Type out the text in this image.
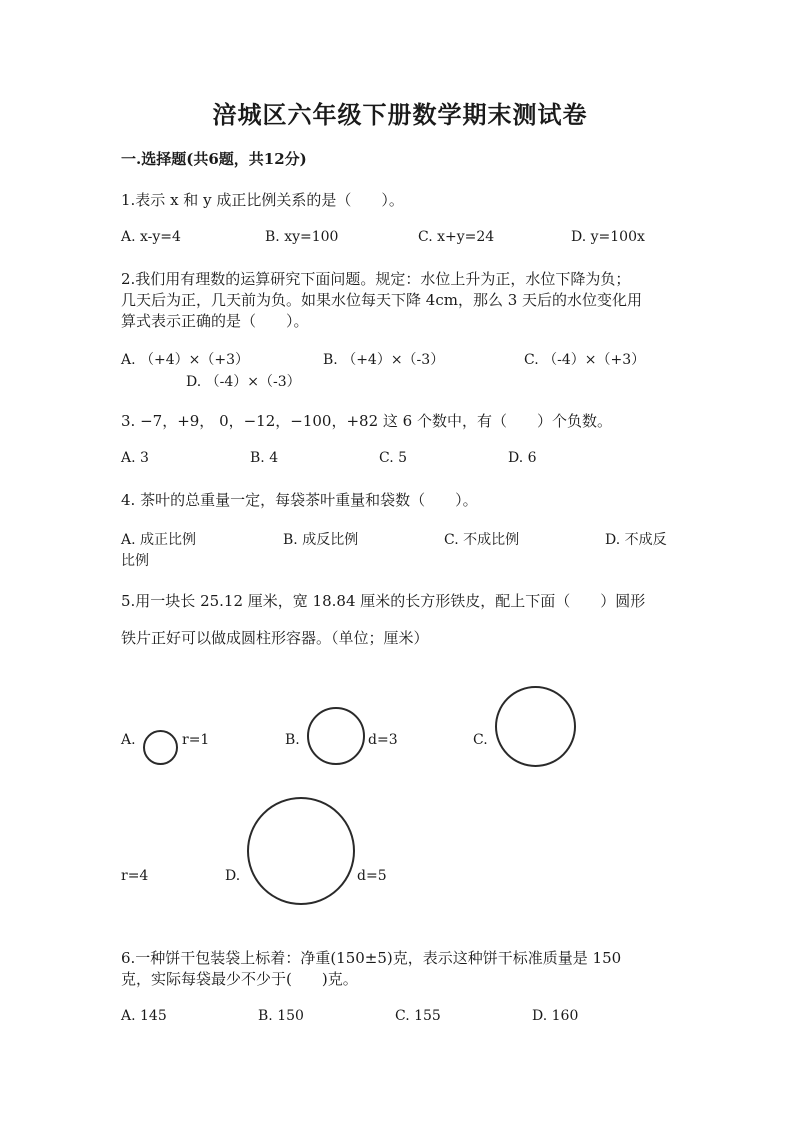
涪城区六年级下册数学期末测试卷
一.选择题(共6题，共12分)
1.表示 x 和 y 成正比例关系的是（　　）。
A. x-y=4	B. xy=100	C. x+y=24	D. y=100x
2.我们用有理数的运算研究下面问题。规定：水位上升为正，水位下降为负；
几天后为正，几天前为负。如果水位每天下降 4cm，那么 3 天后的水位变化用
算式表示正确的是（　　）。
A. （+4）×（+3）	B. （+4）×（-3）	C. （-4）×（+3）
D. （-4）×（-3）
3. −7，+9， 0，−12，−100，+82 这 6 个数中，有（　　）个负数。
A. 3	B. 4	C. 5	D. 6
4. 茶叶的总重量一定，每袋茶叶重量和袋数（　　）。
A. 成正比例	B. 成反比例	C. 不成比例	D. 不成反
比例
5.用一块长 25.12 厘米，宽 18.84 厘米的长方形铁皮，配上下面（　　）圆形
铁片正好可以做成圆柱形容器。（单位；厘米）
A.	r=1	B.	d=3	C.
r=4	D.	d=5
6.一种饼干包装袋上标着：净重(150±5)克，表示这种饼干标准质量是 150
克，实际每袋最少不少于(　　)克。
A. 145	B. 150	C. 155	D. 160
